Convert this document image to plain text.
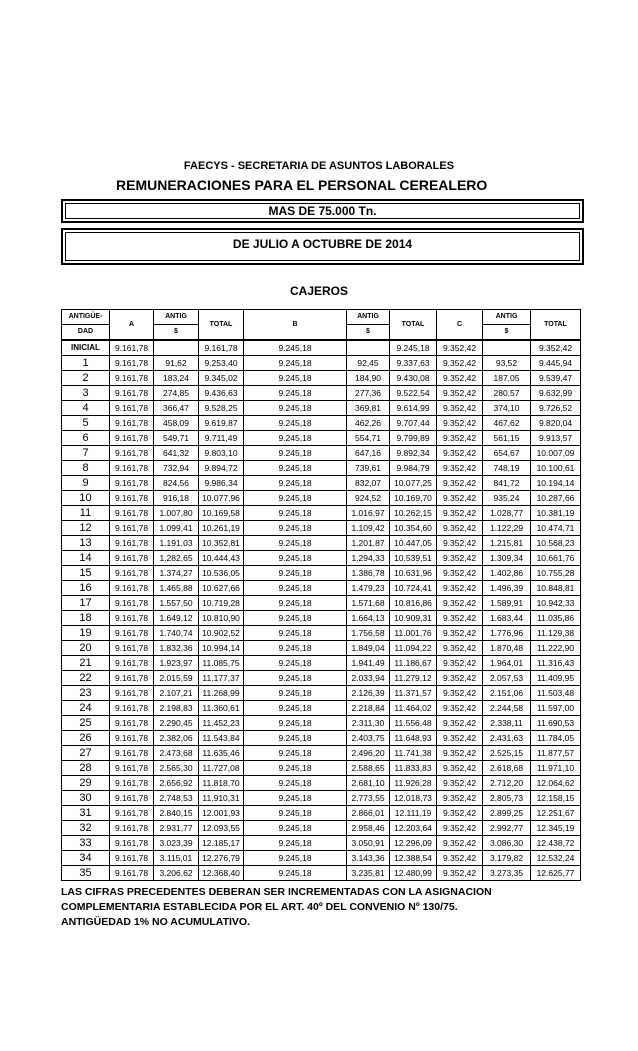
FAECYS - SECRETARIA DE ASUNTOS LABORALES
REMUNERACIONES PARA EL PERSONAL CEREALERO
MAS DE 75.000 Tn.
DE JULIO A OCTUBRE DE 2014
CAJEROS
ANTIGÜE-	A	ANTIG	TOTAL	B	ANTIG	TOTAL	C	ANTIG	TOTAL
DAD		$			$			$	
INICIAL	9.161,78		9.161,78	9.245,18		9.245,18	9.352,42		9.352,42
1	9.161,78	91,62	9.253,40	9.245,18	92,45	9.337,63	9.352,42	93,52	9.445,94
2	9.161,78	183,24	9.345,02	9.245,18	184,90	9.430,08	9.352,42	187,05	9.539,47
3	9.161,78	274,85	9.436,63	9.245,18	277,36	9.522,54	9.352,42	280,57	9.632,99
4	9.161,78	366,47	9.528,25	9.245,18	369,81	9.614,99	9.352,42	374,10	9.726,52
5	9.161,78	458,09	9.619,87	9.245,18	462,26	9.707,44	9.352,42	467,62	9.820,04
6	9.161,78	549,71	9.711,49	9.245,18	554,71	9.799,89	9.352,42	561,15	9.913,57
7	9.161,78	641,32	9.803,10	9.245,18	647,16	9.892,34	9.352,42	654,67	10.007,09
8	9.161,78	732,94	9.894,72	9.245,18	739,61	9.984,79	9.352,42	748,19	10.100,61
9	9.161,78	824,56	9.986,34	9.245,18	832,07	10.077,25	9.352,42	841,72	10.194,14
10	9.161,78	916,18	10.077,96	9.245,18	924,52	10.169,70	9.352,42	935,24	10.287,66
11	9.161,78	1.007,80	10.169,58	9.245,18	1.016,97	10.262,15	9.352,42	1.028,77	10.381,19
12	9.161,78	1.099,41	10.261,19	9.245,18	1.109,42	10.354,60	9.352,42	1.122,29	10.474,71
13	9.161,78	1.191,03	10.352,81	9.245,18	1.201,87	10.447,05	9.352,42	1.215,81	10.568,23
14	9.161,78	1.282,65	10.444,43	9.245,18	1.294,33	10.539,51	9.352,42	1.309,34	10.661,76
15	9.161,78	1.374,27	10.536,05	9.245,18	1.386,78	10.631,96	9.352,42	1.402,86	10.755,28
16	9.161,78	1.465,88	10.627,66	9.245,18	1.479,23	10.724,41	9.352,42	1.496,39	10.848,81
17	9.161,78	1.557,50	10.719,28	9.245,18	1.571,68	10.816,86	9.352,42	1.589,91	10.942,33
18	9.161,78	1.649,12	10.810,90	9.245,18	1.664,13	10.909,31	9.352,42	1.683,44	11.035,86
19	9.161,78	1.740,74	10.902,52	9.245,18	1.756,58	11.001,76	9.352,42	1.776,96	11.129,38
20	9.161,78	1.832,36	10.994,14	9.245,18	1.849,04	11.094,22	9.352,42	1.870,48	11.222,90
21	9.161,78	1.923,97	11.085,75	9.245,18	1.941,49	11.186,67	9.352,42	1.964,01	11.316,43
22	9.161,78	2.015,59	11.177,37	9.245,18	2.033,94	11.279,12	9.352,42	2.057,53	11.409,95
23	9.161,78	2.107,21	11.268,99	9.245,18	2.126,39	11.371,57	9.352,42	2.151,06	11.503,48
24	9.161,78	2.198,83	11.360,61	9.245,18	2.218,84	11.464,02	9.352,42	2.244,58	11.597,00
25	9.161,78	2.290,45	11.452,23	9.245,18	2.311,30	11.556,48	9.352,42	2.338,11	11.690,53
26	9.161,78	2.382,06	11.543,84	9.245,18	2.403,75	11.648,93	9.352,42	2.431,63	11.784,05
27	9.161,78	2.473,68	11.635,46	9.245,18	2.496,20	11.741,38	9.352,42	2.525,15	11.877,57
28	9.161,78	2.565,30	11.727,08	9.245,18	2.588,65	11.833,83	9.352,42	2.618,68	11.971,10
29	9.161,78	2.656,92	11.818,70	9.245,18	2.681,10	11.926,28	9.352,42	2.712,20	12.064,62
30	9.161,78	2.748,53	11.910,31	9.245,18	2.773,55	12.018,73	9.352,42	2.805,73	12.158,15
31	9.161,78	2.840,15	12.001,93	9.245,18	2.866,01	12.111,19	9.352,42	2.899,25	12.251,67
32	9.161,78	2.931,77	12.093,55	9.245,18	2.958,46	12.203,64	9.352,42	2.992,77	12.345,19
33	9.161,78	3.023,39	12.185,17	9.245,18	3.050,91	12.296,09	9.352,42	3.086,30	12.438,72
34	9.161,78	3.115,01	12.276,79	9.245,18	3.143,36	12.388,54	9.352,42	3.179,82	12.532,24
35	9.161,78	3.206,62	12.368,40	9.245,18	3.235,81	12.480,99	9.352,42	3.273,35	12.625,77
LAS CIFRAS PRECEDENTES DEBERAN SER INCREMENTADAS CON LA ASIGNACION
COMPLEMENTARIA ESTABLECIDA POR EL ART. 40º DEL CONVENIO Nº 130/75.
ANTIGÜEDAD 1% NO ACUMULATIVO.
